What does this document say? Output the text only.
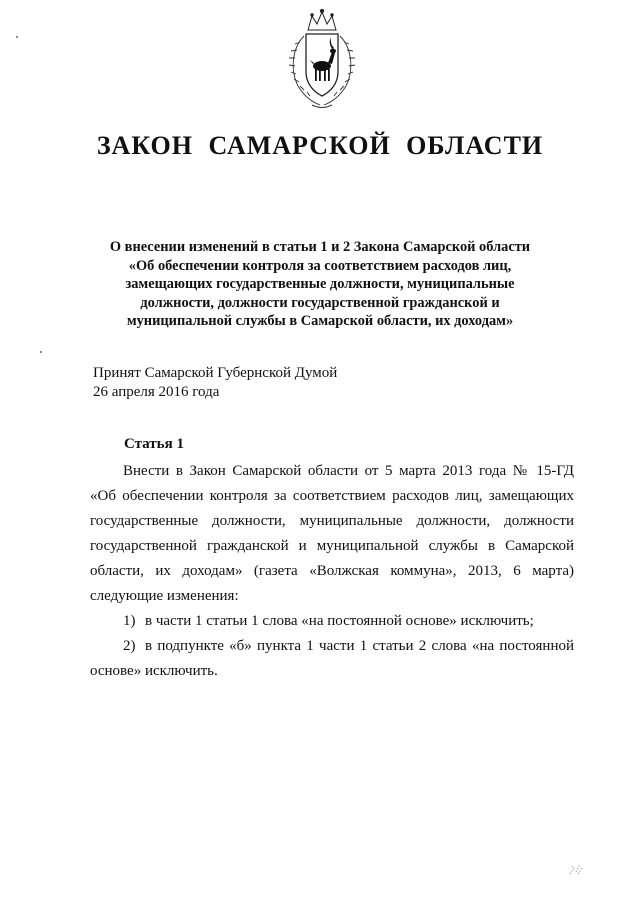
ЗАКОН САМАРСКОЙ ОБЛАСТИ
О внесении изменений в статьи 1 и 2 Закона Самарской области
«Об обеспечении контроля за соответствием расходов лиц,
замещающих государственные должности, муниципальные
должности, должности государственной гражданской и
муниципальной службы в Самарской области, их доходам»
Принят Самарской Губернской Думой
26 апреля 2016 года
Статья 1
Внести в Закон Самарской области от 5 марта 2013 года № 15-ГД
«Об обеспечении контроля за соответствием расходов лиц, замещающих
государственные должности, муниципальные должности, должности
государственной гражданской и муниципальной службы в Самарской
области, их доходам» (газета «Волжская коммуна», 2013, 6 марта)
следующие изменения:
1) в части 1 статьи 1 слова «на постоянной основе» исключить;
2) в подпункте «б» пункта 1 части 1 статьи 2 слова «на постоянной
основе» исключить.
